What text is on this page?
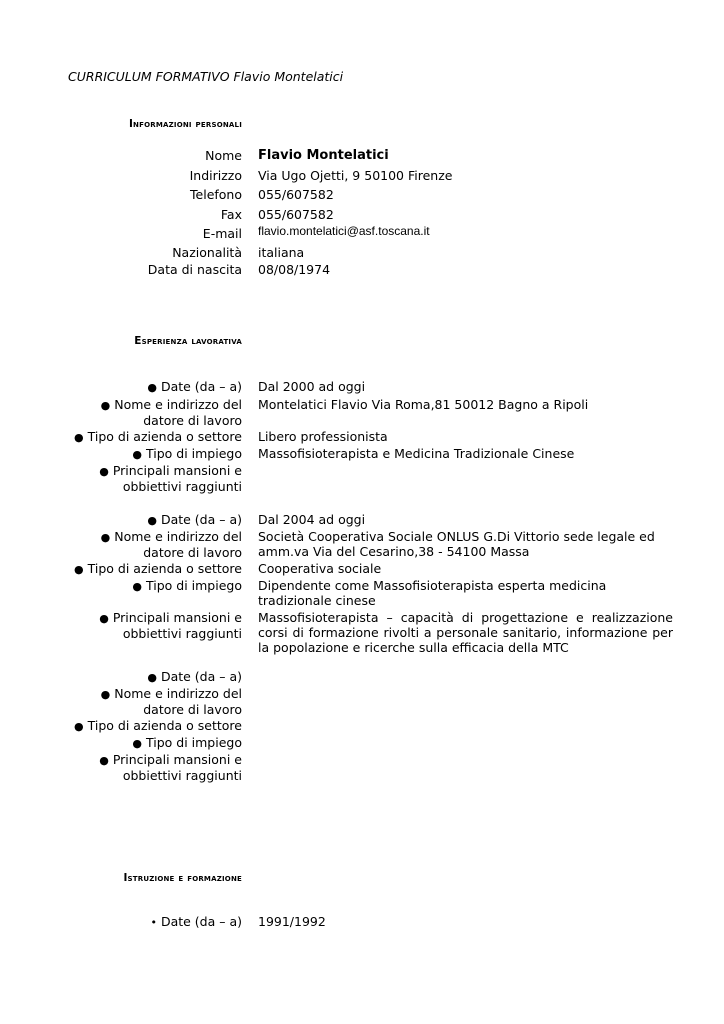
CURRICULUM FORMATIVO Flavio Montelatici
Informazioni personali
Nome Flavio Montelatici
Indirizzo Via Ugo Ojetti, 9 50100 Firenze
Telefono 055/607582
Fax 055/607582
E-mail flavio.montelatici@asf.toscana.it
Nazionalità italiana
Data di nascita 08/08/1974
Esperienza lavorativa
● Date (da – a) Dal 2000 ad oggi
● Nome e indirizzo del
datore di lavoro
Montelatici Flavio Via Roma,81 50012 Bagno a Ripoli
● Tipo di azienda o settore Libero professionista
● Tipo di impiego Massofisioterapista e Medicina Tradizionale Cinese
● Principali mansioni e
obbiettivi raggiunti
● Date (da – a) Dal 2004 ad oggi
● Nome e indirizzo del
datore di lavoro
Società Cooperativa Sociale ONLUS G.Di Vittorio sede legale ed amm.va Via del Cesarino,38 - 54100 Massa
● Tipo di azienda o settore Cooperativa sociale
● Tipo di impiego Dipendente come Massofisioterapista esperta medicina tradizionale cinese
● Principali mansioni e
obbiettivi raggiunti
Massofisioterapista – capacità di progettazione e realizzazione corsi di formazione rivolti a personale sanitario, informazione per la popolazione e ricerche sulla efficacia della MTC
● Date (da – a)
● Nome e indirizzo del
datore di lavoro
● Tipo di azienda o settore
● Tipo di impiego
● Principali mansioni e
obbiettivi raggiunti
Istruzione e formazione
• Date (da – a) 1991/1992
